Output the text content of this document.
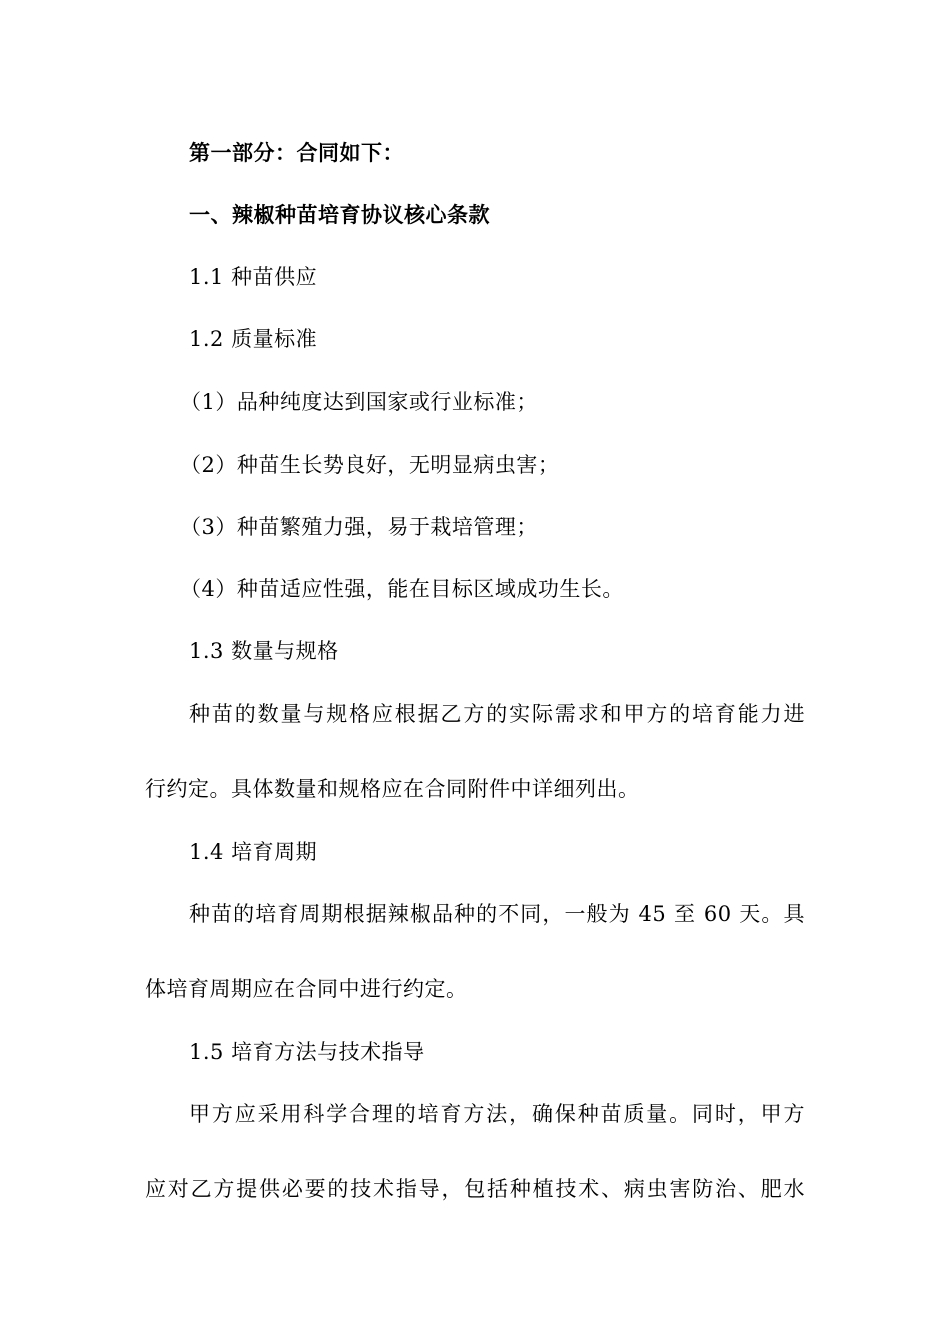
第一部分：合同如下：
一、辣椒种苗培育协议核心条款
1.1 种苗供应
1.2 质量标准
（1）品种纯度达到国家或行业标准；
（2）种苗生长势良好，无明显病虫害；
（3）种苗繁殖力强，易于栽培管理；
（4）种苗适应性强，能在目标区域成功生长。
1.3 数量与规格
种苗的数量与规格应根据乙方的实际需求和甲方的培育能力进
行约定。具体数量和规格应在合同附件中详细列出。
1.4 培育周期
种苗的培育周期根据辣椒品种的不同，一般为 45 至 60 天。具
体培育周期应在合同中进行约定。
1.5 培育方法与技术指导
甲方应采用科学合理的培育方法，确保种苗质量。同时，甲方
应对乙方提供必要的技术指导，包括种植技术、病虫害防治、肥水
